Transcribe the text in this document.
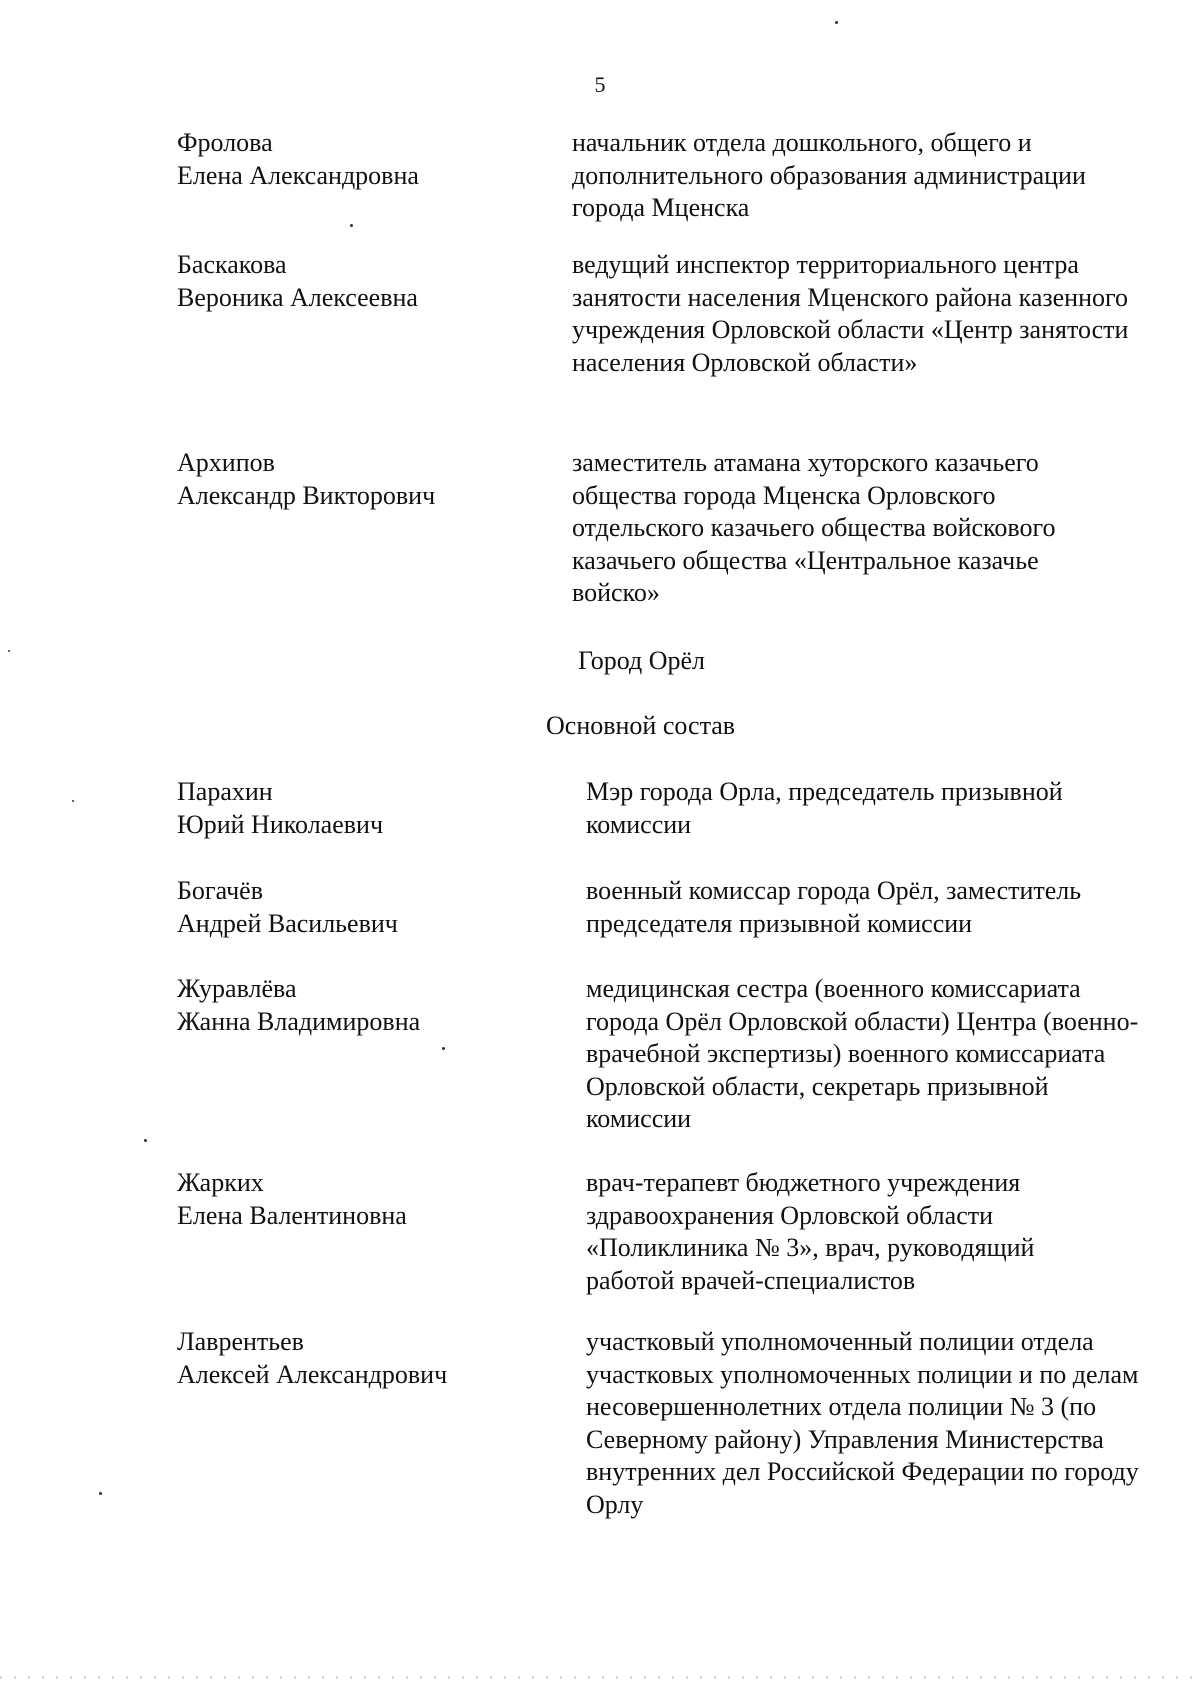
5
Фролова
Елена Александровна
начальник отдела дошкольного, общего и дополнительного образования администрации города Мценска
Баскакова
Вероника Алексеевна
ведущий инспектор территориального центра занятости населения Мценского района казенного учреждения Орловской области «Центр занятости населения Орловской области»
Архипов
Александр Викторович
заместитель атамана хуторского казачьего общества города Мценска Орловского отдельского казачьего общества войскового казачьего общества «Центральное казачье войско»
Город Орёл
Основной состав
Парахин
Юрий Николаевич
Мэр города Орла, председатель призывной комиссии
Богачёв
Андрей Васильевич
военный комиссар города Орёл, заместитель председателя призывной комиссии
Журавлёва
Жанна Владимировна
медицинская сестра (военного комиссариата города Орёл Орловской области) Центра (военно-врачебной экспертизы) военного комиссариата Орловской области, секретарь призывной комиссии
Жарких
Елена Валентиновна
врач-терапевт бюджетного учреждения здравоохранения Орловской области «Поликлиника № 3», врач, руководящий работой врачей-специалистов
Лаврентьев
Алексей Александрович
участковый уполномоченный полиции отдела участковых уполномоченных полиции и по делам несовершеннолетних отдела полиции № 3 (по Северному району) Управления Министерства внутренних дел Российской Федерации по городу Орлу
